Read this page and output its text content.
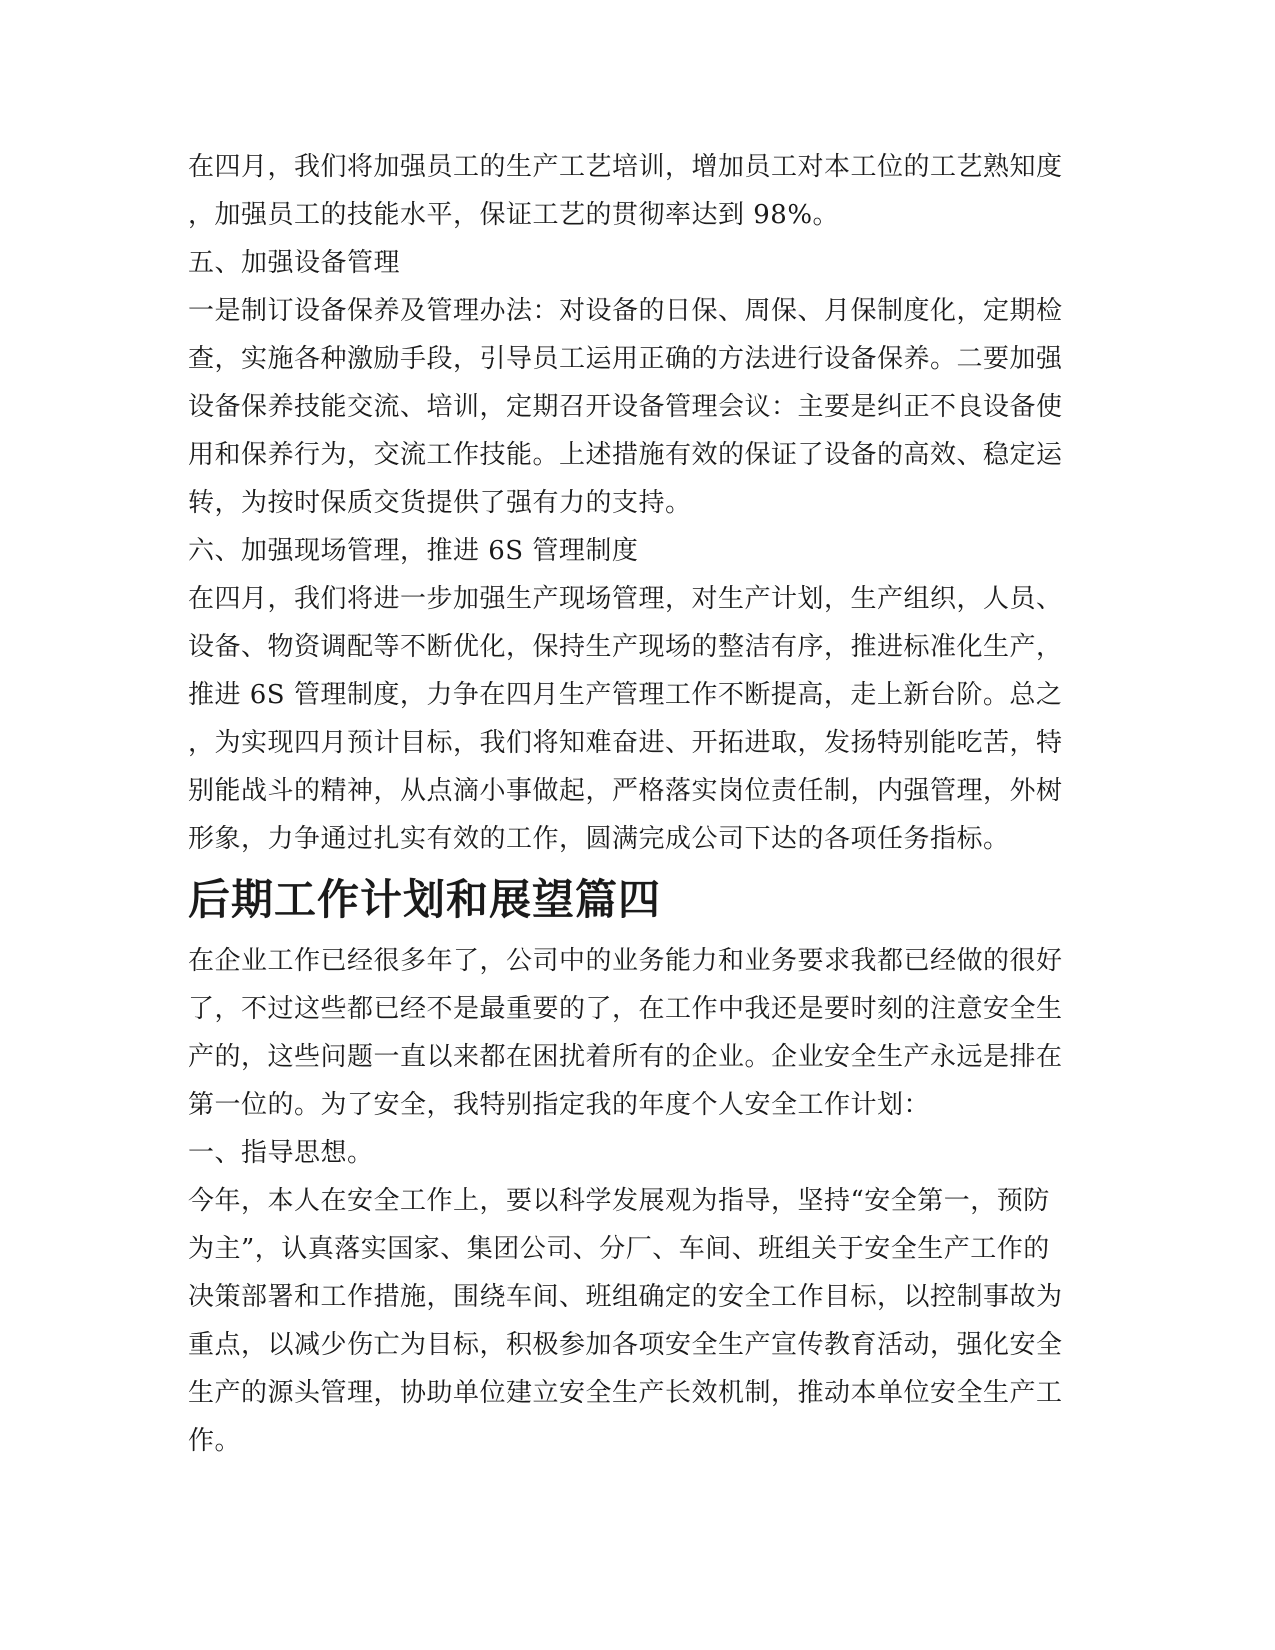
在四月，我们将加强员工的生产工艺培训，增加员工对本工位的工艺熟知度
，加强员工的技能水平，保证工艺的贯彻率达到 98%。
五、加强设备管理
一是制订设备保养及管理办法：对设备的日保、周保、月保制度化，定期检
查，实施各种激励手段，引导员工运用正确的方法进行设备保养。二要加强
设备保养技能交流、培训，定期召开设备管理会议：主要是纠正不良设备使
用和保养行为，交流工作技能。上述措施有效的保证了设备的高效、稳定运
转，为按时保质交货提供了强有力的支持。
六、加强现场管理，推进 6S 管理制度
在四月，我们将进一步加强生产现场管理，对生产计划，生产组织，人员、
设备、物资调配等不断优化，保持生产现场的整洁有序，推进标准化生产，
推进 6S 管理制度，力争在四月生产管理工作不断提高，走上新台阶。总之
，为实现四月预计目标，我们将知难奋进、开拓进取，发扬特别能吃苦，特
别能战斗的精神，从点滴小事做起，严格落实岗位责任制，内强管理，外树
形象，力争通过扎实有效的工作，圆满完成公司下达的各项任务指标。
后期工作计划和展望篇四
在企业工作已经很多年了，公司中的业务能力和业务要求我都已经做的很好
了，不过这些都已经不是最重要的了，在工作中我还是要时刻的注意安全生
产的，这些问题一直以来都在困扰着所有的企业。企业安全生产永远是排在
第一位的。为了安全，我特别指定我的年度个人安全工作计划：
一、指导思想。
今年，本人在安全工作上，要以科学发展观为指导，坚持“安全第一，预防
为主”，认真落实国家、集团公司、分厂、车间、班组关于安全生产工作的
决策部署和工作措施，围绕车间、班组确定的安全工作目标，以控制事故为
重点，以减少伤亡为目标，积极参加各项安全生产宣传教育活动，强化安全
生产的源头管理，协助单位建立安全生产长效机制，推动本单位安全生产工
作。
